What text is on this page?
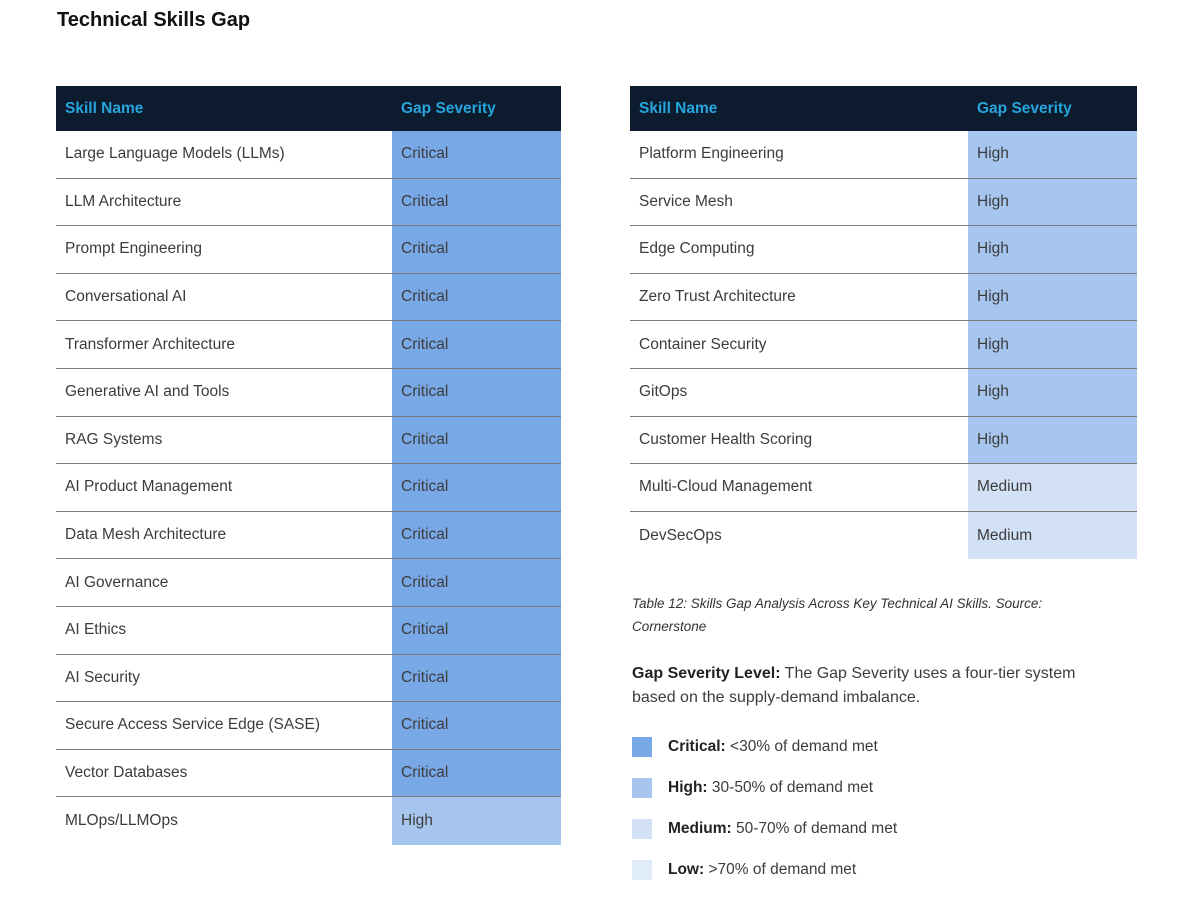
Technical Skills Gap
Skill Name	Gap Severity
Large Language Models (LLMs)	Critical
LLM Architecture	Critical
Prompt Engineering	Critical
Conversational AI	Critical
Transformer Architecture	Critical
Generative AI and Tools	Critical
RAG Systems	Critical
AI Product Management	Critical
Data Mesh Architecture	Critical
AI Governance	Critical
AI Ethics	Critical
AI Security	Critical
Secure Access Service Edge (SASE)	Critical
Vector Databases	Critical
MLOps/LLMOps	High
Skill Name	Gap Severity
Platform Engineering	High
Service Mesh	High
Edge Computing	High
Zero Trust Architecture	High
Container Security	High
GitOps	High
Customer Health Scoring	High
Multi-Cloud Management	Medium
DevSecOps	Medium
Table 12: Skills Gap Analysis Across Key Technical AI Skills. Source:
Cornerstone
Gap Severity Level: The Gap Severity uses a four-tier system based on the supply-demand imbalance.
Critical: <30% of demand met
High: 30-50% of demand met
Medium: 50-70% of demand met
Low: >70% of demand met
